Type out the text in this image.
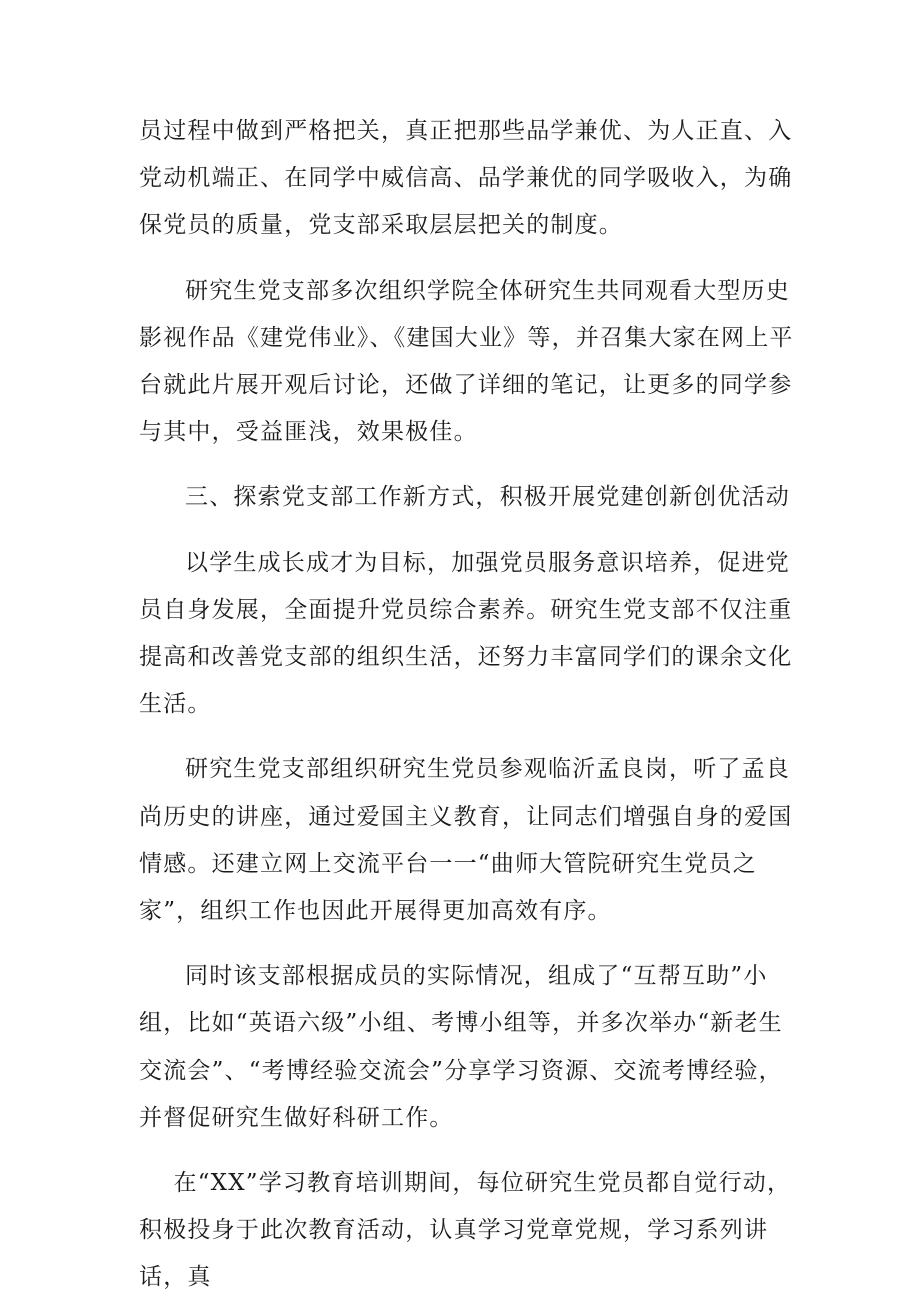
员过程中做到严格把关，真正把那些品学兼优、为人正直、入党动机端正、在同学中威信高、品学兼优的同学吸收入，为确保党员的质量，党支部采取层层把关的制度。

研究生党支部多次组织学院全体研究生共同观看大型历史影视作品《建党伟业》、《建国大业》等，并召集大家在网上平台就此片展开观后讨论，还做了详细的笔记，让更多的同学参与其中，受益匪浅，效果极佳。

三、探索党支部工作新方式，积极开展党建创新创优活动

以学生成长成才为目标，加强党员服务意识培养，促进党员自身发展，全面提升党员综合素养。研究生党支部不仅注重提高和改善党支部的组织生活，还努力丰富同学们的课余文化生活。

研究生党支部组织研究生党员参观临沂孟良岗，听了孟良尚历史的讲座，通过爱国主义教育，让同志们增强自身的爱国情感。还建立网上交流平台一一“曲师大管院研究生党员之家”，组织工作也因此开展得更加高效有序。

同时该支部根据成员的实际情况，组成了“互帮互助”小组，比如“英语六级”小组、考博小组等，并多次举办“新老生交流会”、“考博经验交流会”分享学习资源、交流考博经验，并督促研究生做好科研工作。

在“XX”学习教育培训期间，每位研究生党员都自觉行动，积极投身于此次教育活动，认真学习党章党规，学习系列讲话，真
